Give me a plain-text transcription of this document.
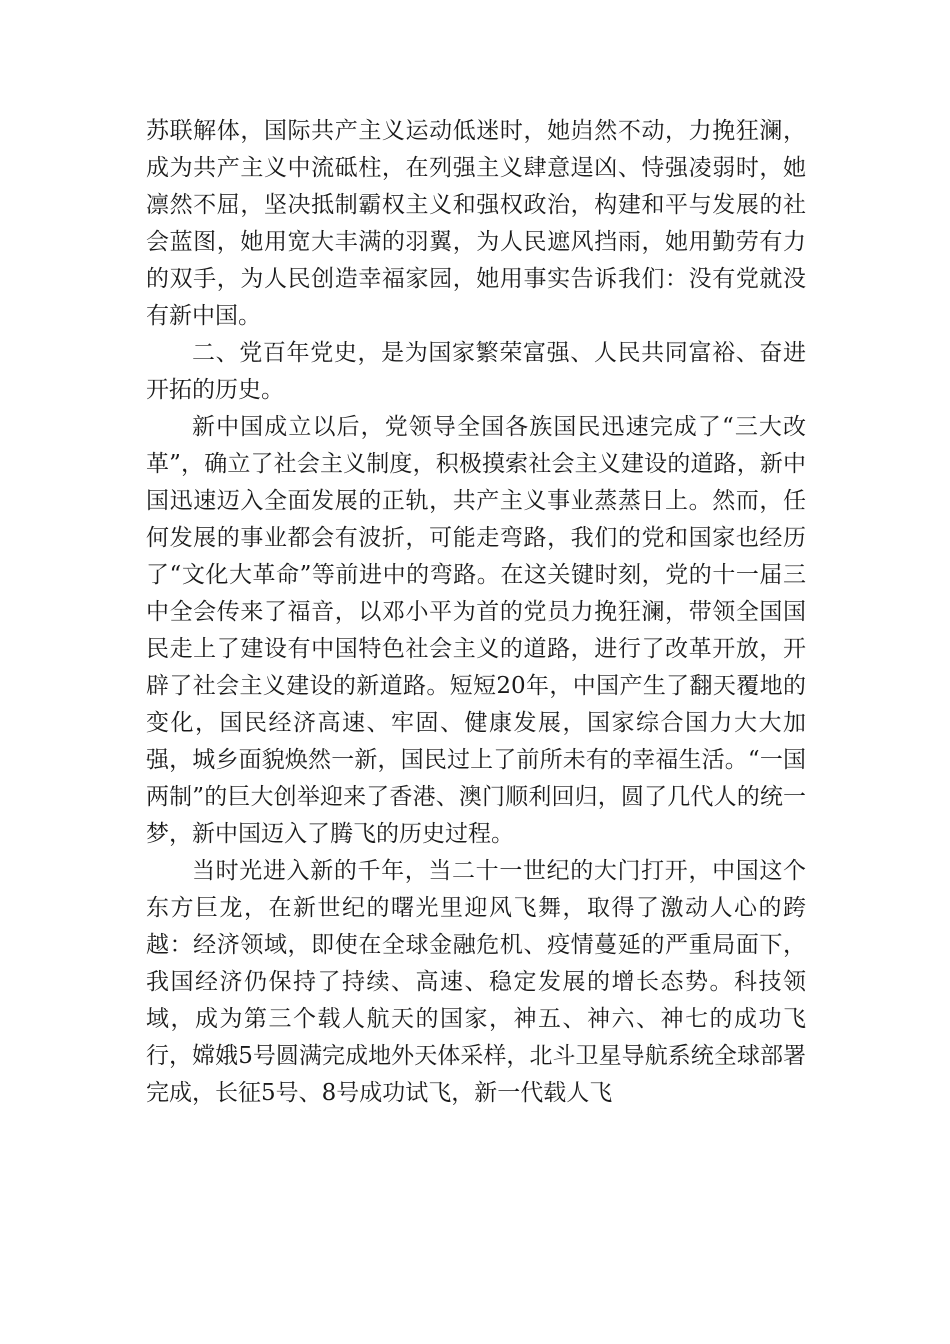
苏联解体，国际共产主义运动低迷时，她岿然不动，力挽狂澜，成为共产主义中流砥柱，在列强主义肆意逞凶、恃强凌弱时，她凛然不屈，坚决抵制霸权主义和强权政治，构建和平与发展的社会蓝图，她用宽大丰满的羽翼，为人民遮风挡雨，她用勤劳有力的双手，为人民创造幸福家园，她用事实告诉我们：没有党就没有新中国。

二、党百年党史，是为国家繁荣富强、人民共同富裕、奋进开拓的历史。

新中国成立以后，党领导全国各族国民迅速完成了“三大改革”，确立了社会主义制度，积极摸索社会主义建设的道路，新中国迅速迈入全面发展的正轨，共产主义事业蒸蒸日上。然而，任何发展的事业都会有波折，可能走弯路，我们的党和国家也经历了“文化大革命”等前进中的弯路。在这关键时刻，党的十一届三中全会传来了福音，以邓小平为首的党员力挽狂澜，带领全国国民走上了建设有中国特色社会主义的道路，进行了改革开放，开辟了社会主义建设的新道路。短短20年，中国产生了翻天覆地的变化，国民经济高速、牢固、健康发展，国家综合国力大大加强，城乡面貌焕然一新，国民过上了前所未有的幸福生活。“一国两制”的巨大创举迎来了香港、澳门顺利回归，圆了几代人的统一梦，新中国迈入了腾飞的历史过程。

当时光进入新的千年，当二十一世纪的大门打开，中国这个东方巨龙，在新世纪的曙光里迎风飞舞，取得了激动人心的跨越：经济领域，即使在全球金融危机、疫情蔓延的严重局面下，我国经济仍保持了持续、高速、稳定发展的增长态势。科技领域，成为第三个载人航天的国家，神五、神六、神七的成功飞行，嫦娥5号圆满完成地外天体采样，北斗卫星导航系统全球部署完成，长征5号、8号成功试飞，新一代载人飞
